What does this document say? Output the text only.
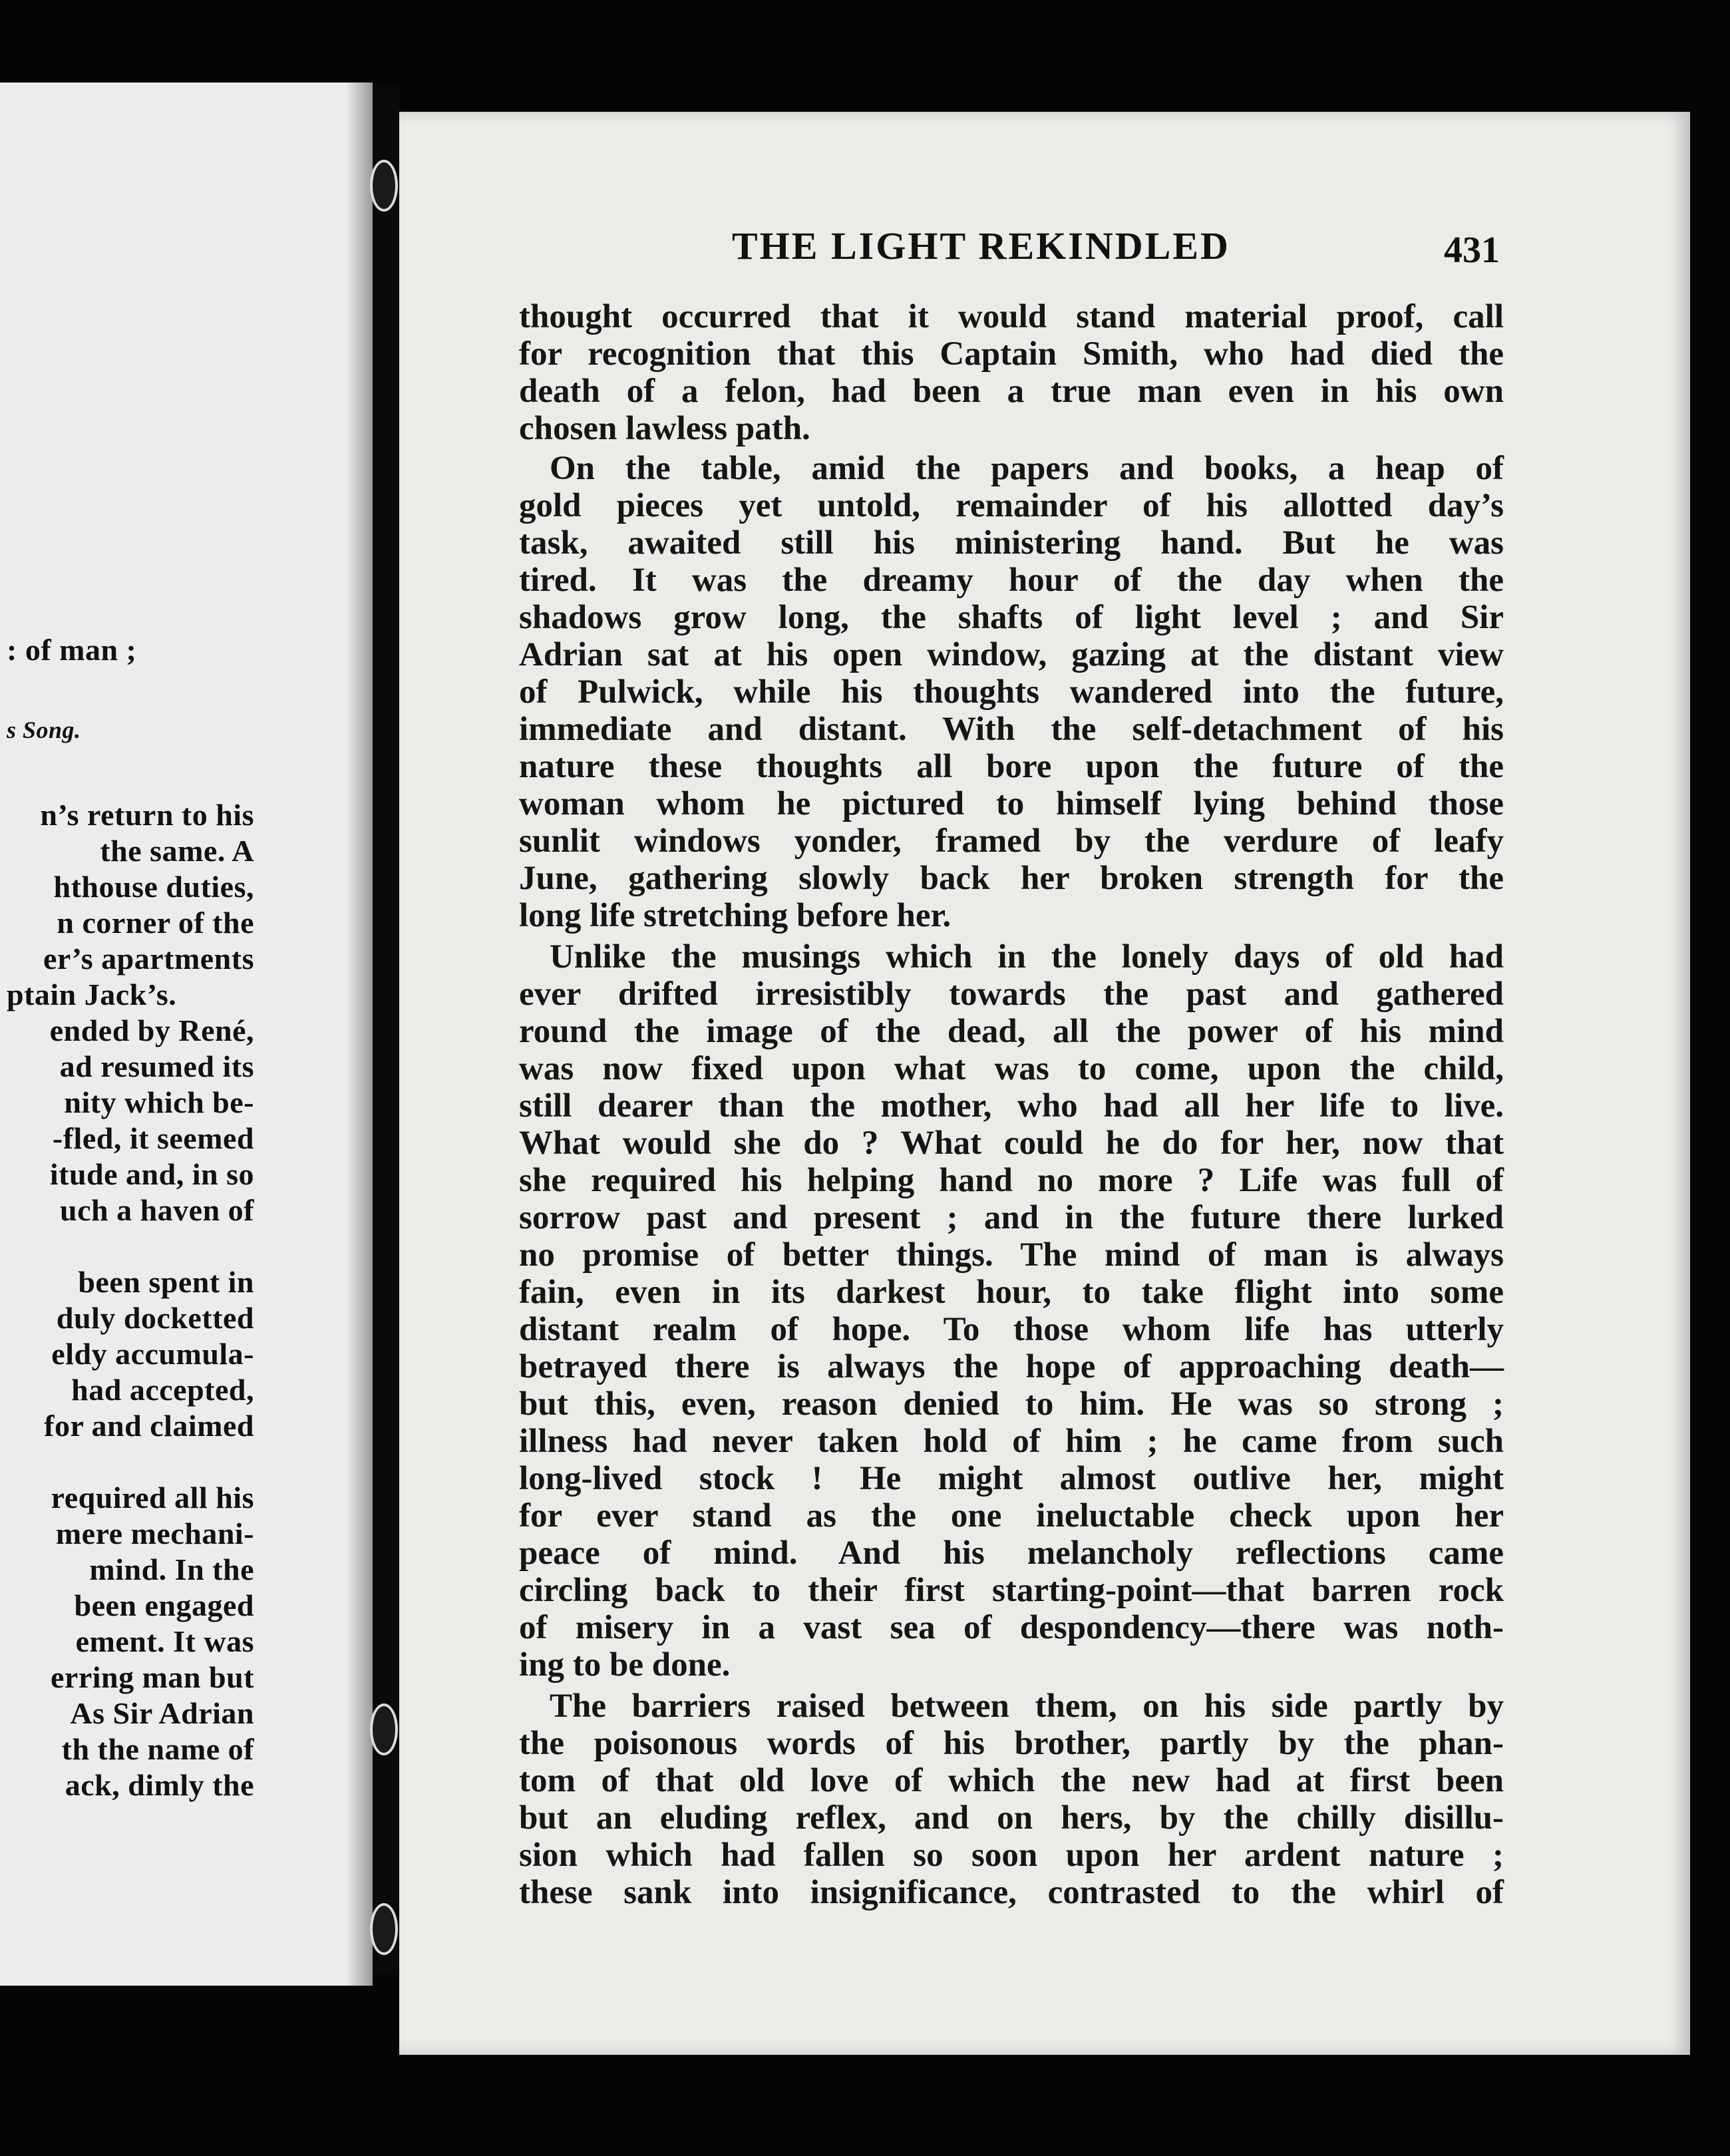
: of man ;
s Song.
n’s return to his
the same. A
hthouse duties,
n corner of the
er’s apartments
ptain Jack’s.
ended by René,
ad resumed its
nity which be-
-fled, it seemed
itude and, in so
uch a haven of
been spent in
duly docketted
eldy accumula-
had accepted,
for and claimed
required all his
mere mechani-
mind. In the
been engaged
ement. It was
erring man but
As Sir Adrian
th the name of
ack, dimly the
THE LIGHT REKINDLED	431
thought occurred that it would stand material proof, call
for recognition that this Captain Smith, who had died the
death of a felon, had been a true man even in his own
chosen lawless path.
On the table, amid the papers and books, a heap of
gold pieces yet untold, remainder of his allotted day’s
task, awaited still his ministering hand. But he was
tired. It was the dreamy hour of the day when the
shadows grow long, the shafts of light level ; and Sir
Adrian sat at his open window, gazing at the distant view
of Pulwick, while his thoughts wandered into the future,
immediate and distant. With the self-detachment of his
nature these thoughts all bore upon the future of the
woman whom he pictured to himself lying behind those
sunlit windows yonder, framed by the verdure of leafy
June, gathering slowly back her broken strength for the
long life stretching before her.
Unlike the musings which in the lonely days of old had
ever drifted irresistibly towards the past and gathered
round the image of the dead, all the power of his mind
was now fixed upon what was to come, upon the child,
still dearer than the mother, who had all her life to live.
What would she do ? What could he do for her, now that
she required his helping hand no more ? Life was full of
sorrow past and present ; and in the future there lurked
no promise of better things. The mind of man is always
fain, even in its darkest hour, to take flight into some
distant realm of hope. To those whom life has utterly
betrayed there is always the hope of approaching death—
but this, even, reason denied to him. He was so strong ;
illness had never taken hold of him ; he came from such
long-lived stock ! He might almost outlive her, might
for ever stand as the one ineluctable check upon her
peace of mind. And his melancholy reflections came
circling back to their first starting-point—that barren rock
of misery in a vast sea of despondency—there was noth-
ing to be done.
The barriers raised between them, on his side partly by
the poisonous words of his brother, partly by the phan-
tom of that old love of which the new had at first been
but an eluding reflex, and on hers, by the chilly disillu-
sion which had fallen so soon upon her ardent nature ;
these sank into insignificance, contrasted to the whirl of
